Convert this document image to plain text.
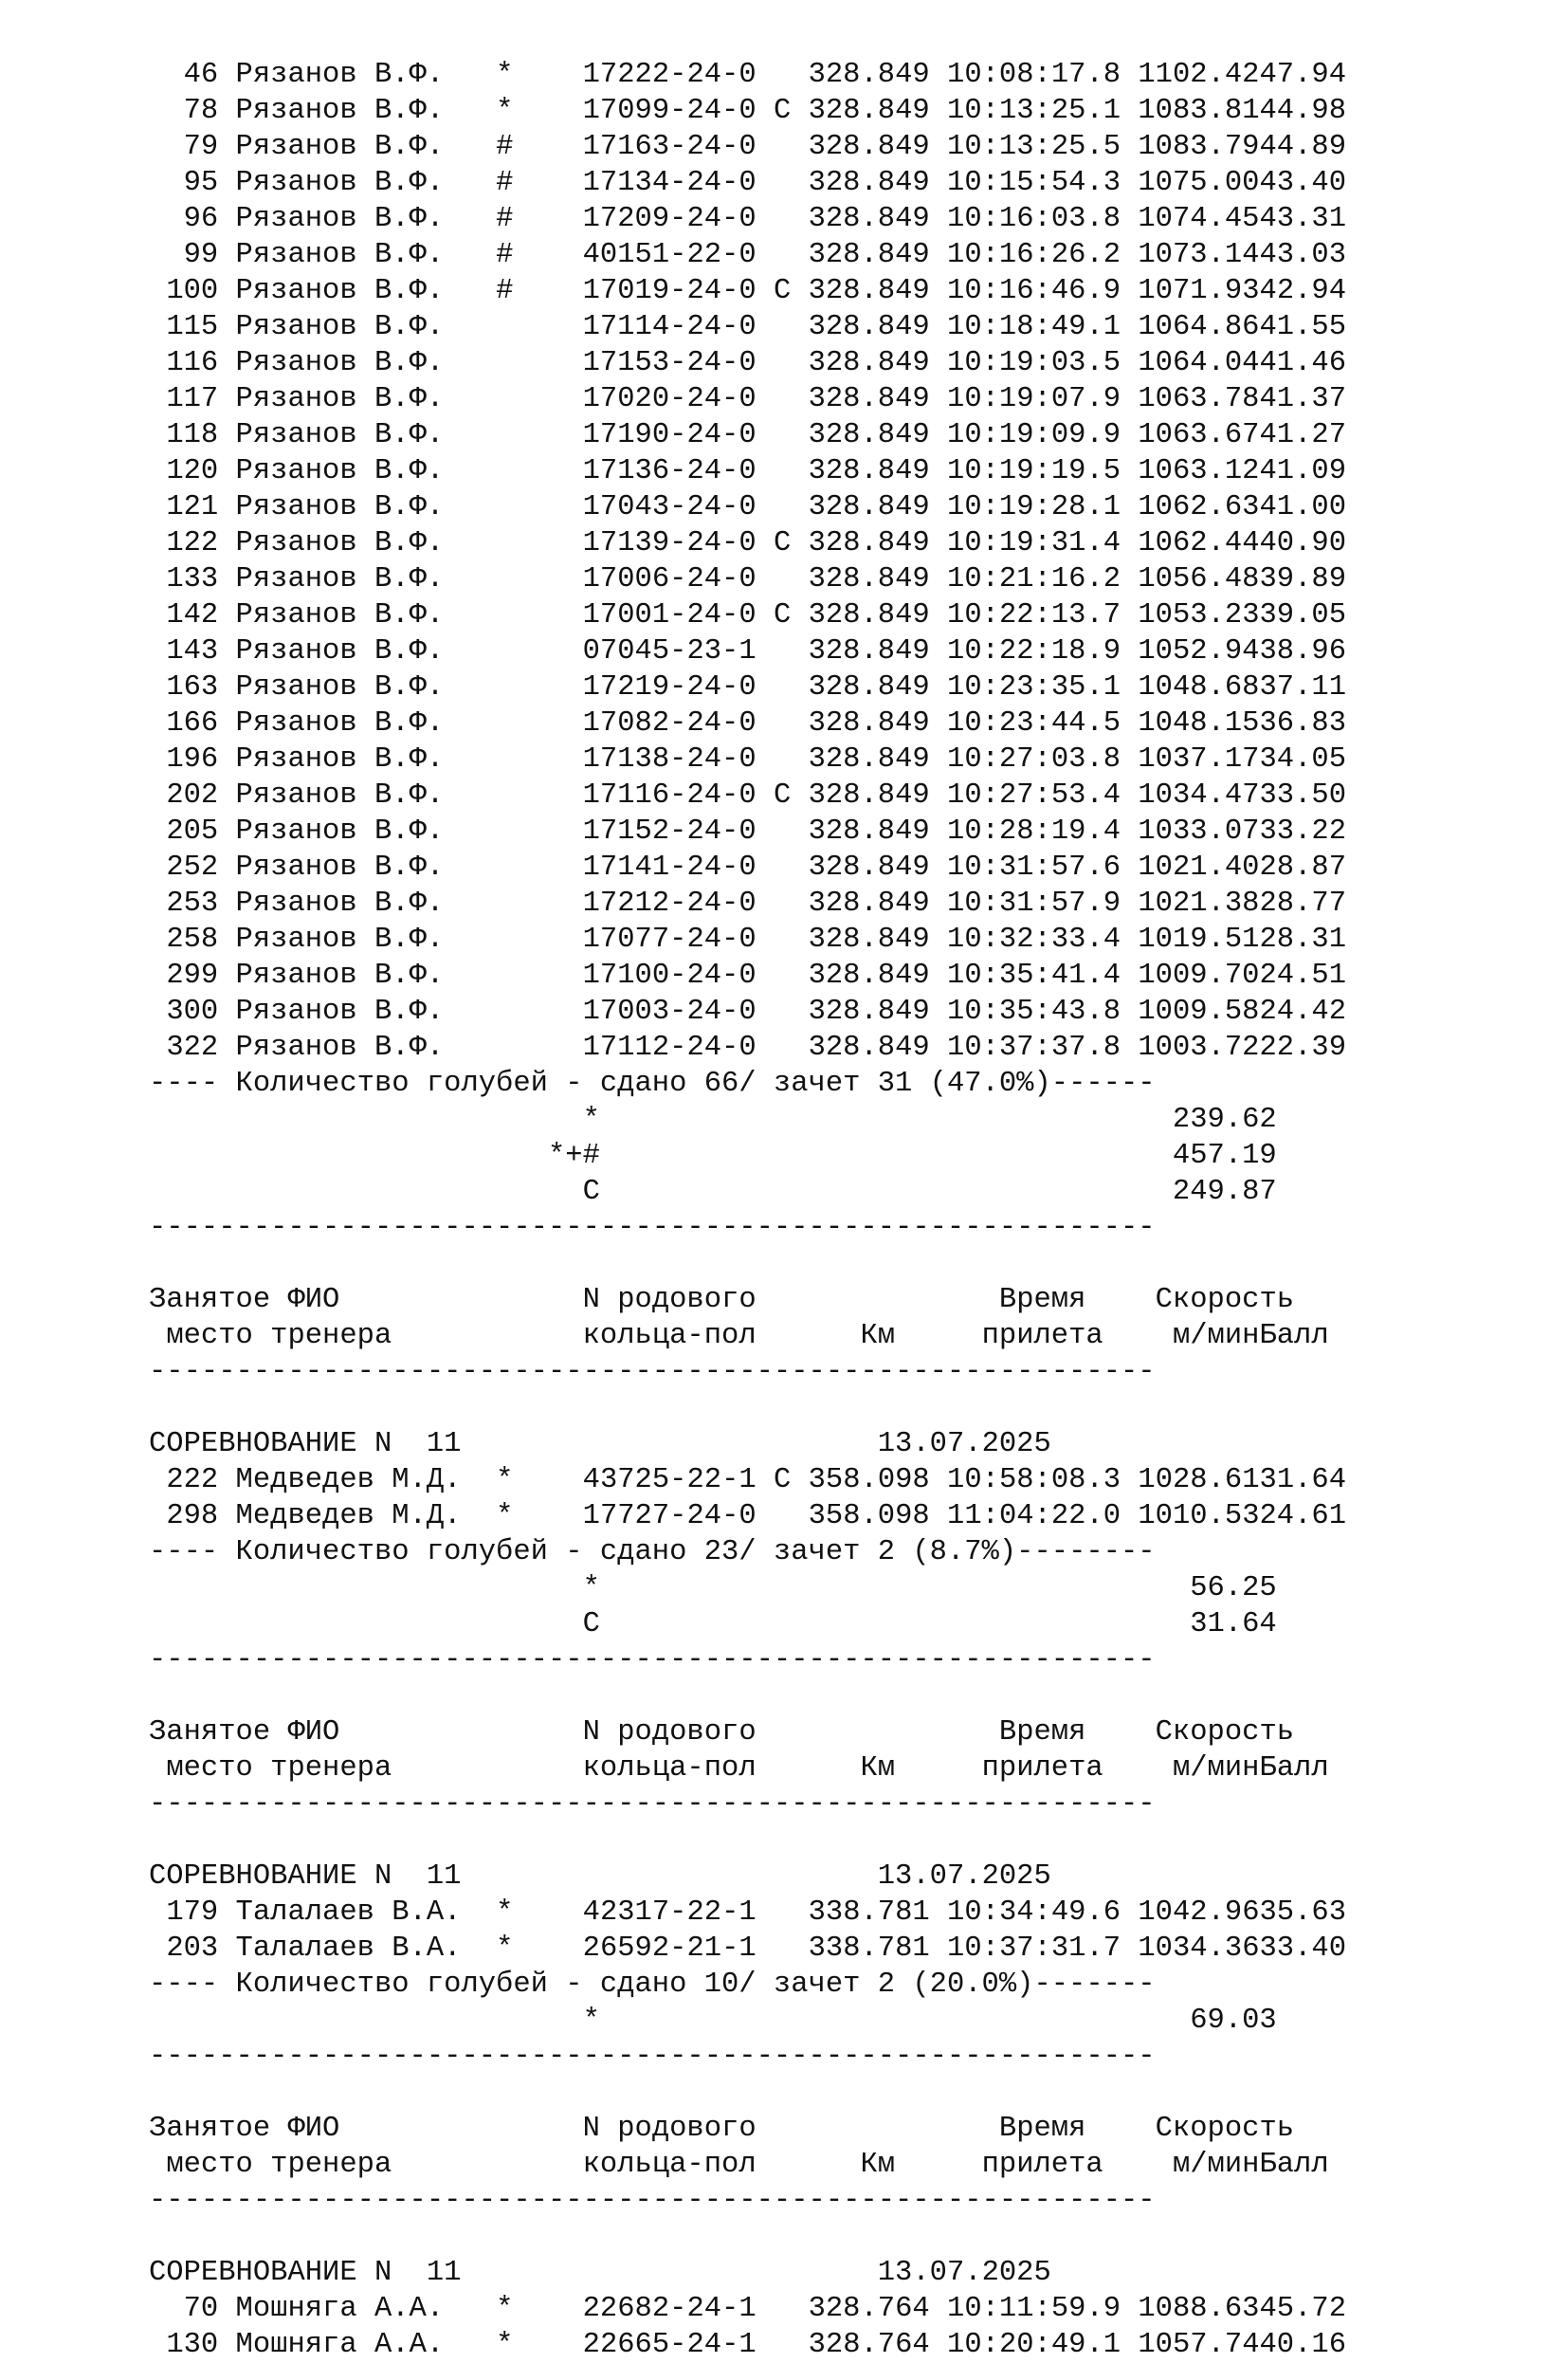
46 Рязанов В.Ф. * 17222-24-0 328.849 10:08:17.8 1102.4247.94
78 Рязанов В.Ф. * 17099-24-0 C 328.849 10:13:25.1 1083.8144.98
79 Рязанов В.Ф. # 17163-24-0 328.849 10:13:25.5 1083.7944.89
95 Рязанов В.Ф. # 17134-24-0 328.849 10:15:54.3 1075.0043.40
96 Рязанов В.Ф. # 17209-24-0 328.849 10:16:03.8 1074.4543.31
99 Рязанов В.Ф. # 40151-22-0 328.849 10:16:26.2 1073.1443.03
100 Рязанов В.Ф. # 17019-24-0 C 328.849 10:16:46.9 1071.9342.94
115 Рязанов В.Ф.	17114-24-0 328.849 10:18:49.1 1064.8641.55
116 Рязанов В.Ф.	17153-24-0 328.849 10:19:03.5 1064.0441.46
117 Рязанов В.Ф.	17020-24-0 328.849 10:19:07.9 1063.7841.37
118 Рязанов В.Ф.	17190-24-0 328.849 10:19:09.9 1063.6741.27
120 Рязанов В.Ф.	17136-24-0 328.849 10:19:19.5 1063.1241.09
121 Рязанов В.Ф.	17043-24-0 328.849 10:19:28.1 1062.6341.00
122 Рязанов В.Ф.	17139-24-0 C 328.849 10:19:31.4 1062.4440.90
133 Рязанов В.Ф.	17006-24-0 328.849 10:21:16.2 1056.4839.89
142 Рязанов В.Ф.	17001-24-0 C 328.849 10:22:13.7 1053.2339.05
143 Рязанов В.Ф.	07045-23-1 328.849 10:22:18.9 1052.9438.96
163 Рязанов В.Ф.	17219-24-0 328.849 10:23:35.1 1048.6837.11
166 Рязанов В.Ф.	17082-24-0 328.849 10:23:44.5 1048.1536.83
196 Рязанов В.Ф.	17138-24-0 328.849 10:27:03.8 1037.1734.05
202 Рязанов В.Ф.	17116-24-0 C 328.849 10:27:53.4 1034.4733.50
205 Рязанов В.Ф.	17152-24-0 328.849 10:28:19.4 1033.0733.22
252 Рязанов В.Ф.	17141-24-0 328.849 10:31:57.6 1021.4028.87
253 Рязанов В.Ф.	17212-24-0 328.849 10:31:57.9 1021.3828.77
258 Рязанов В.Ф.	17077-24-0 328.849 10:32:33.4 1019.5128.31
299 Рязанов В.Ф.	17100-24-0 328.849 10:35:41.4 1009.7024.51
300 Рязанов В.Ф.	17003-24-0 328.849 10:35:43.8 1009.5824.42
322 Рязанов В.Ф.	17112-24-0 328.849 10:37:37.8 1003.7222.39
---- Количество голубей - сдано 66/ зачет 31 (47.0%)------
*	239.62
*+#	457.19
C	249.87
----------------------------------------------------------
Занятое ФИО	N родового	Время Скорость
место тренера	кольца-пол	Км	прилета м/минБалл
----------------------------------------------------------
СОРЕВНОВАНИЕ N  11	13.07.2025
222 Медведев М.Д. * 43725-22-1 C 358.098 10:58:08.3 1028.6131.64
298 Медведев М.Д. * 17727-24-0 358.098 11:04:22.0 1010.5324.61
---- Количество голубей - сдано 23/ зачет 2 (8.7%)--------
*	56.25
C	31.64
----------------------------------------------------------
Занятое ФИО	N родового	Время Скорость
место тренера	кольца-пол	Км	прилета м/минБалл
----------------------------------------------------------
СОРЕВНОВАНИЕ N  11	13.07.2025
179 Талалаев В.А. * 42317-22-1 338.781 10:34:49.6 1042.9635.63
203 Талалаев В.А. * 26592-21-1 338.781 10:37:31.7 1034.3633.40
---- Количество голубей - сдано 10/ зачет 2 (20.0%)-------
*	69.03
----------------------------------------------------------
Занятое ФИО	N родового	Время Скорость
место тренера	кольца-пол	Км	прилета м/минБалл
----------------------------------------------------------
СОРЕВНОВАНИЕ N  11	13.07.2025
70 Мошняга А.А. * 22682-24-1 328.764 10:11:59.9 1088.6345.72
130 Мошняга А.А. * 22665-24-1 328.764 10:20:49.1 1057.7440.16
